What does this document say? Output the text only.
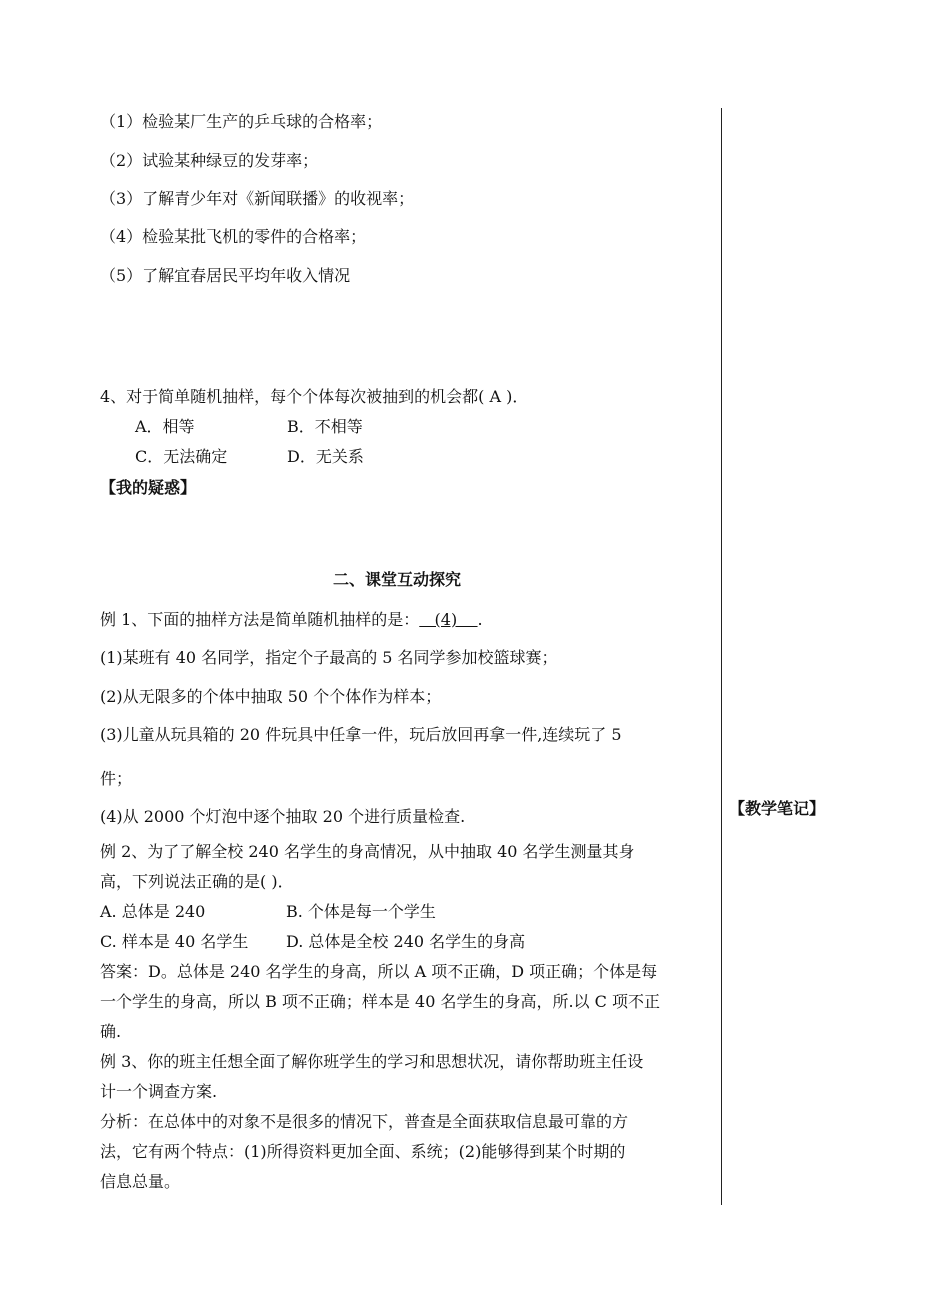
（1）检验某厂生产的乒乓球的合格率；
（2）试验某种绿豆的发芽率；
（3）了解青少年对《新闻联播》的收视率；
（4）检验某批飞机的零件的合格率；
（5）了解宜春居民平均年收入情况
4、对于简单随机抽样，每个个体每次被抽到的机会都( A )．
A．相等	B．不相等
C．无法确定	D．无关系
【我的疑惑】
二、课堂互动探究
例 1、下面的抽样方法是简单随机抽样的是：   (4)    .
(1)某班有 40 名同学，指定个子最高的 5 名同学参加校篮球赛；
(2)从无限多的个体中抽取 50 个个体作为样本；
(3)儿童从玩具箱的 20 件玩具中任拿一件，玩后放回再拿一件,连续玩了 5
件；
(4)从 2000 个灯泡中逐个抽取 20 个进行质量检查.
例 2、为了了解全校 240 名学生的身高情况，从中抽取 40 名学生测量其身
高，下列说法正确的是( )．
A. 总体是 240	B. 个体是每一个学生
C. 样本是 40 名学生 D. 总体是全校 240 名学生的身高
答案：D。总体是 240 名学生的身高，所以 A 项不正确，D 项正确；个体是每
一个学生的身高，所以 B 项不正确；样本是 40 名学生的身高，所.以 C 项不正
确.
例 3、你的班主任想全面了解你班学生的学习和思想状况，请你帮助班主任设
计一个调查方案.
分析：在总体中的对象不是很多的情况下，普查是全面获取信息最可靠的方
法，它有两个特点：(1)所得资料更加全面、系统；(2)能够得到某个时期的
信息总量。
【教学笔记】
